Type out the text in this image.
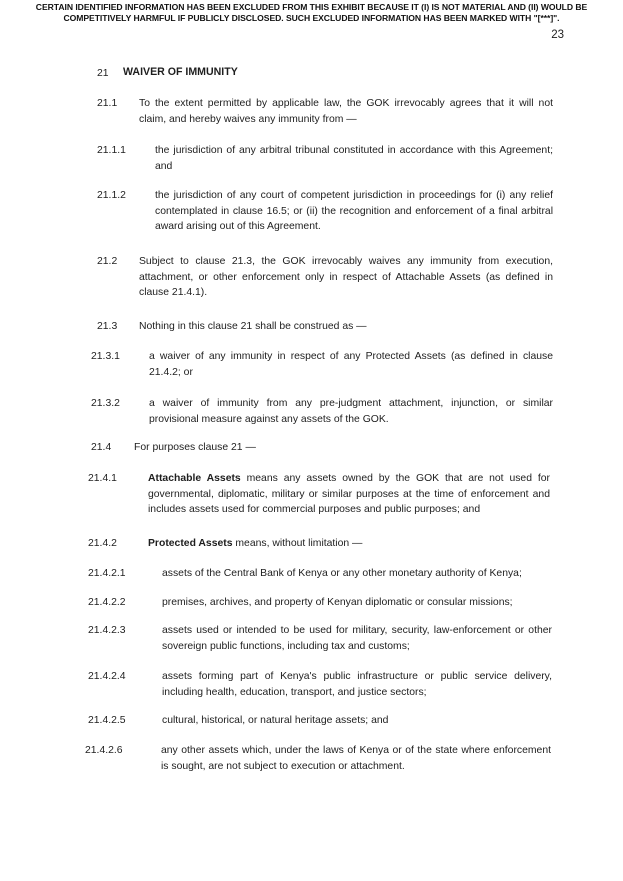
CERTAIN IDENTIFIED INFORMATION HAS BEEN EXCLUDED FROM THIS EXHIBIT BECAUSE IT (I) IS NOT MATERIAL AND (II) WOULD BE COMPETITIVELY HARMFUL IF PUBLICLY DISCLOSED. SUCH EXCLUDED INFORMATION HAS BEEN MARKED WITH "[***]".
23
21 WAIVER OF IMMUNITY
21.1 To the extent permitted by applicable law, the GOK irrevocably agrees that it will not claim, and hereby waives any immunity from —
21.1.1	the jurisdiction of any arbitral tribunal constituted in accordance with this Agreement; and
21.1.2	the jurisdiction of any court of competent jurisdiction in proceedings for (i) any relief contemplated in clause 16.5; or (ii) the recognition and enforcement of a final arbitral award arising out of this Agreement.
21.2 Subject to clause 21.3, the GOK irrevocably waives any immunity from execution, attachment, or other enforcement only in respect of Attachable Assets (as defined in clause 21.4.1).
21.3 Nothing in this clause 21 shall be construed as —
21.3.1	a waiver of any immunity in respect of any Protected Assets (as defined in clause 21.4.2; or
21.3.2	a waiver of immunity from any pre-judgment attachment, injunction, or similar provisional measure against any assets of the GOK.
21.4 For purposes clause 21 —
21.4.1	Attachable Assets means any assets owned by the GOK that are not used for governmental, diplomatic, military or similar purposes at the time of enforcement and includes assets used for commercial purposes and public purposes; and
21.4.2	Protected Assets means, without limitation —
21.4.2.1	assets of the Central Bank of Kenya or any other monetary authority of Kenya;
21.4.2.2	premises, archives, and property of Kenyan diplomatic or consular missions;
21.4.2.3	assets used or intended to be used for military, security, law-enforcement or other sovereign public functions, including tax and customs;
21.4.2.4	assets forming part of Kenya's public infrastructure or public service delivery, including health, education, transport, and justice sectors;
21.4.2.5	cultural, historical, or natural heritage assets; and
21.4.2.6	any other assets which, under the laws of Kenya or of the state where enforcement is sought, are not subject to execution or attachment.
